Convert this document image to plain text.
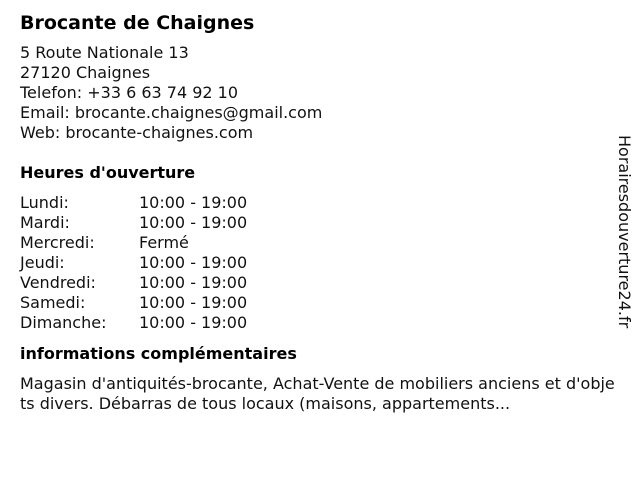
Brocante de Chaignes
5 Route Nationale 13
27120 Chaignes
Telefon: +33 6 63 74 92 10
Email: brocante.chaignes@gmail.com
Web: brocante-chaignes.com
Heures d'ouverture
Lundi:	10:00 - 19:00
Mardi:	10:00 - 19:00
Mercredi:	Fermé
Jeudi:	10:00 - 19:00
Vendredi:	10:00 - 19:00
Samedi:	10:00 - 19:00
Dimanche:	10:00 - 19:00
informations complémentaires
Magasin d'antiquités-brocante, Achat-Vente de mobiliers anciens et d'objets divers. Débarras de tous locaux (maisons, appartements...
Horairesdouverture24.fr
